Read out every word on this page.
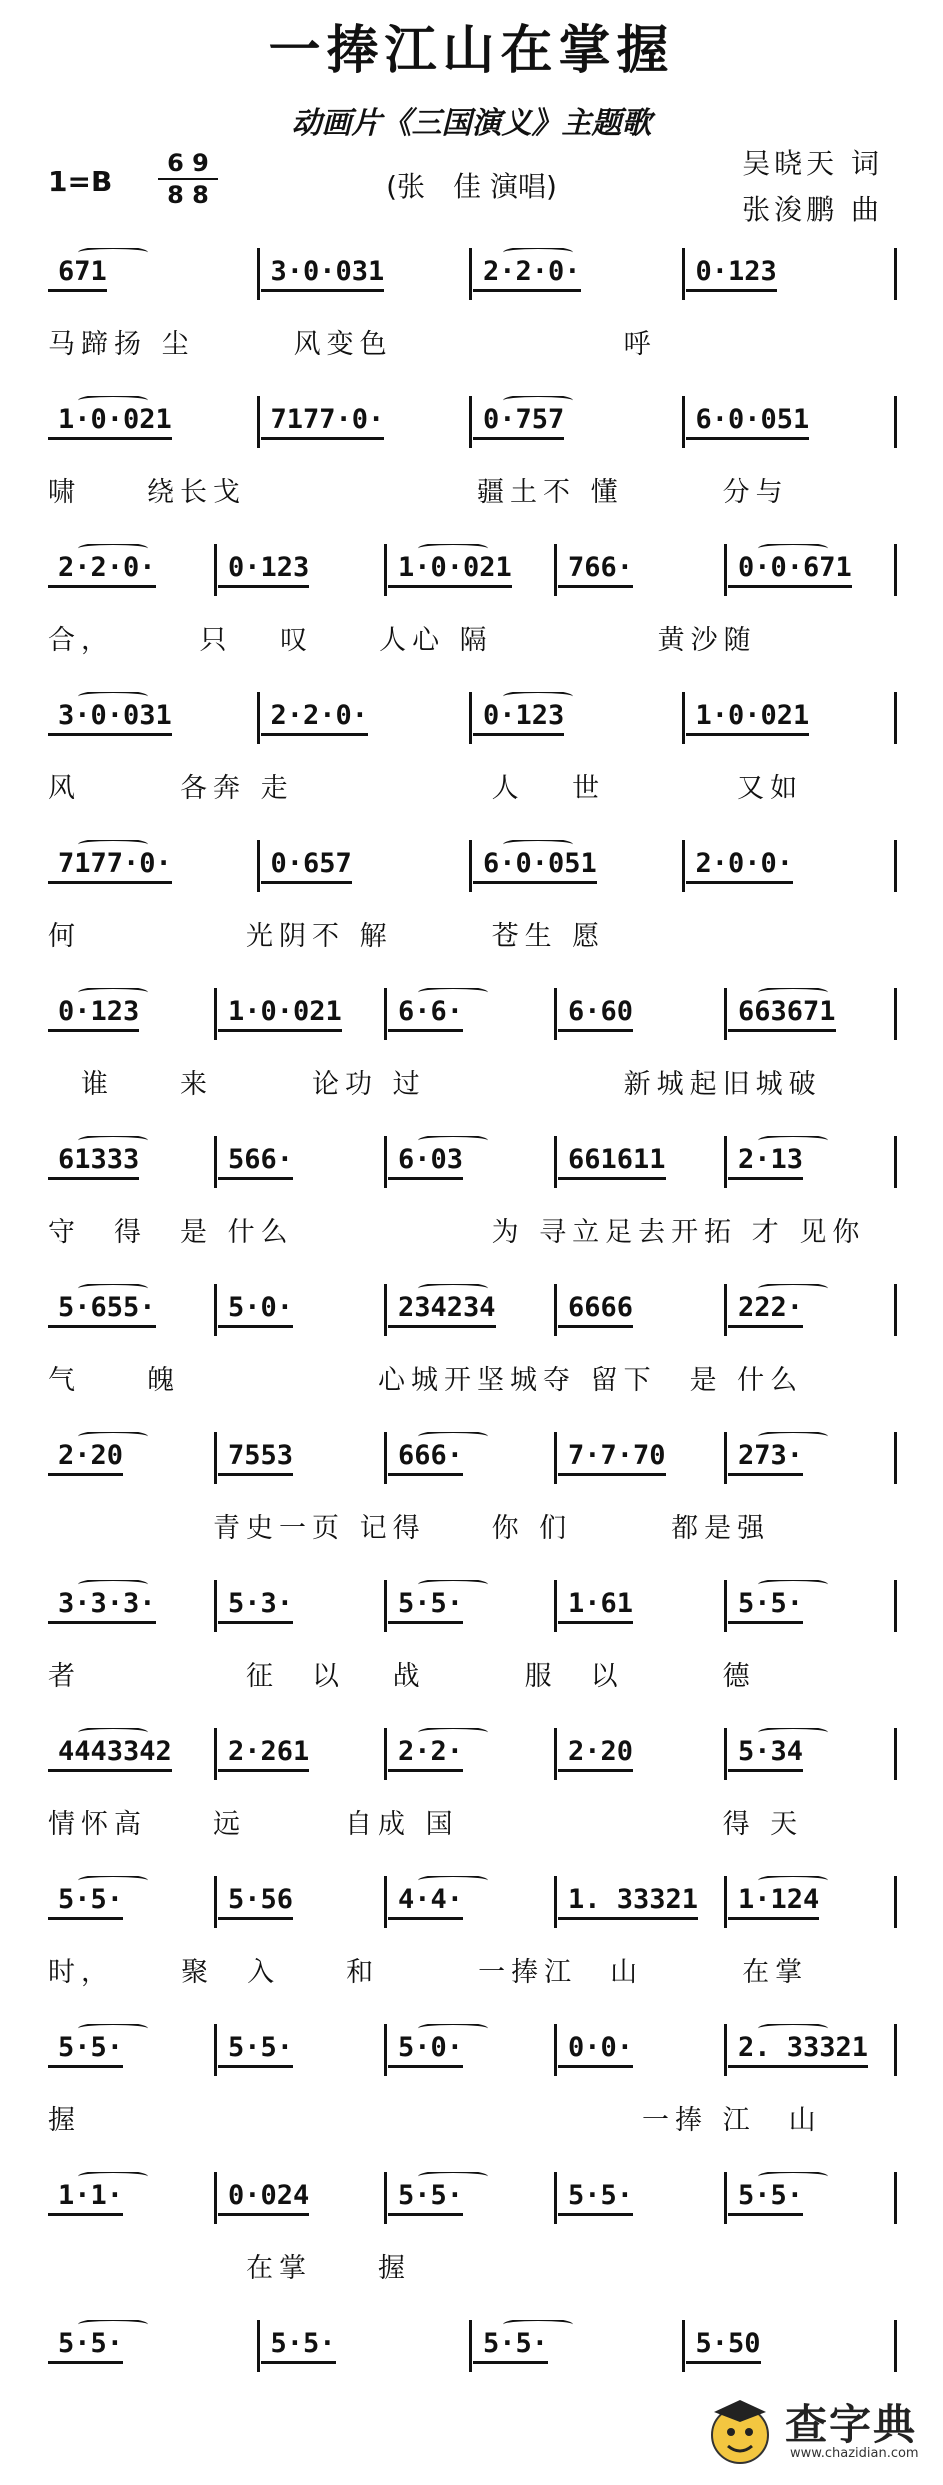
一捧江山在掌握
动画片《三国演义》主题歌
1=B
6 9
8 8	(张　佳 演唱)
吴晓天 词
张浚鹏 曲
671	3·0·031	2·2·0·	0·123
马蹄扬 尘　　　风变色　　　　　　　呼
1·0·021	7177·0·	0·757	6·0·051
啸　　绕长戈　　　　　　　疆土不 懂　　　分与
2·2·0·	0·123	1·0·021	766·	0·0·671
合，　　　只　 叹　　人心 隔　　　　　黄沙随
3·0·031	2·2·0·	0·123	1·0·021
风　　　各奔 走　　　　　　人　 世　　　　又如
7177·0·	0·657	6·0·051	2·0·0·
何　　　　　光阴不 解　　　苍生 愿
0·123	1·0·021	6·6·	6·60	663671
　谁　　来　　　论功 过　　　　　　新城起旧城破
61333	566·	6·03	661611	2·13
守　得　是 什么　　　　　　为 寻立足去开拓 才 见你
5·655·	5·0·	234234	6666	222·
气　　魄　　　　　　心城开坚城夺 留下　是 什么
2·20	7553	666·	7·7·70	273·
　　　　　青史一页 记得　　你 们　　　都是强
3·3·3·	5·3·	5·5·	1·61	5·5·
者　　　　　征　以　 战　　　服　以　　　德
4443342	2·261	2·2·	2·20	5·34
情怀高　　远　　　自成 国　　　　　　　　得 天
5·5·	5·56	4·4·	1. 33321	1·124
时，　　 聚　入　　和　　　一捧江　山　　　在掌
5·5·	5·5·	5·0·	0·0·	2. 33321
握　　　　　　　　　　　　　　　　　一捧 江　山
1·1·	0·024	5·5·	5·5·	5·5·
　　　　　　在掌　　握
5·5·	5·5·	5·5·	5·50
查字典
www.chazidian.com
